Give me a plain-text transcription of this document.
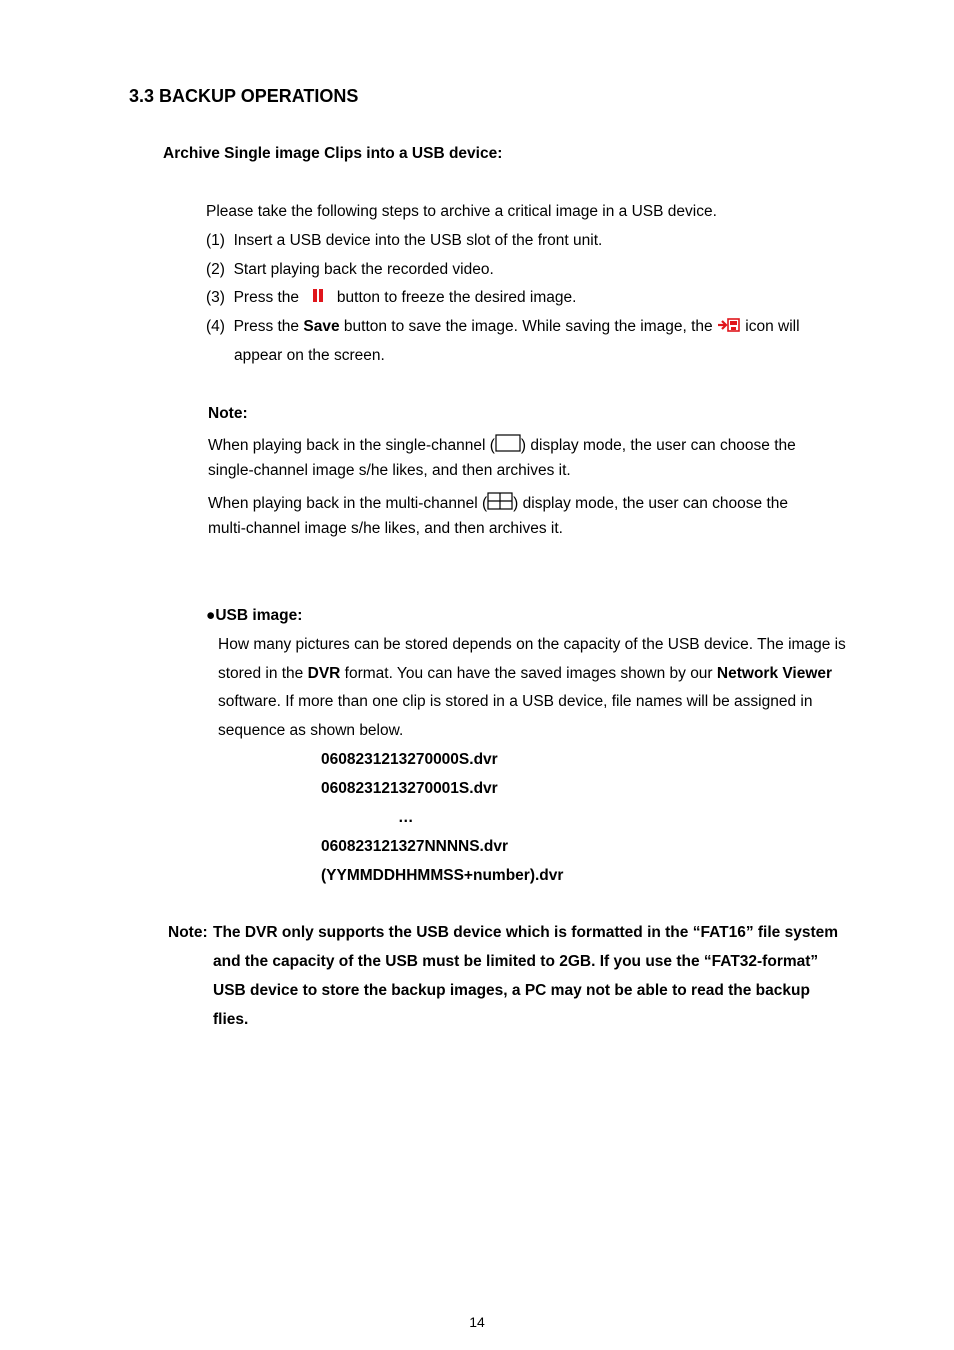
3.3 BACKUP OPERATIONS
Archive Single image Clips into a USB device:
Please take the following steps to archive a critical image in a USB device.
(1) Insert a USB device into the USB slot of the front unit.
(2) Start playing back the recorded video.
(3) Press the button to freeze the desired image.
(4) Press the Save button to save the image. While saving the image, the icon will
appear on the screen.
Note:
When playing back in the single-channel ( ) display mode, the user can choose the
single-channel image s/he likes, and then archives it.
When playing back in the multi-channel ( ) display mode, the user can choose the
multi-channel image s/he likes, and then archives it.
●USB image:
How many pictures can be stored depends on the capacity of the USB device. The image is
stored in the DVR format. You can have the saved images shown by our Network Viewer
software. If more than one clip is stored in a USB device, file names will be assigned in
sequence as shown below.
0608231213270000S.dvr
0608231213270001S.dvr
…
060823121327NNNNS.dvr
(YYMMDDHHMMSS+number).dvr
Note: The DVR only supports the USB device which is formatted in the “FAT16” file system
and the capacity of the USB must be limited to 2GB. If you use the “FAT32-format”
USB device to store the backup images, a PC may not be able to read the backup
flies.
14
